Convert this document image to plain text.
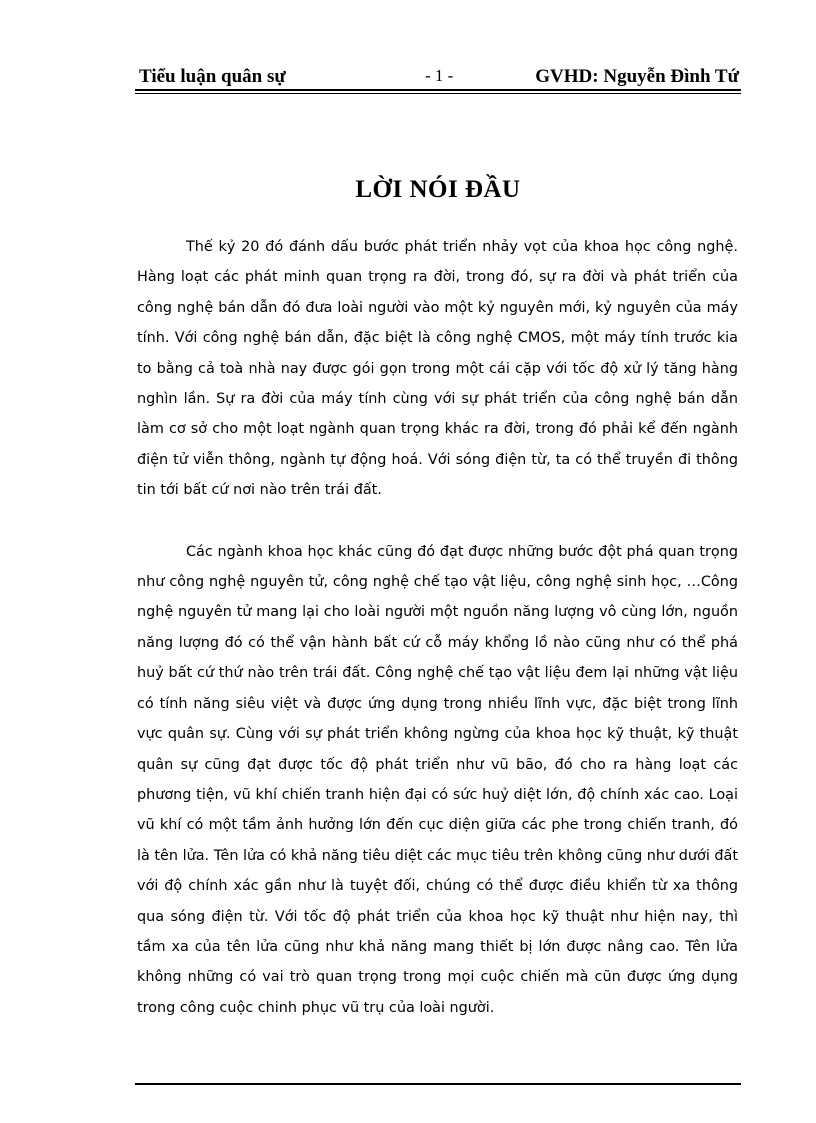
Tiểu luận quân sự	- 1 -	GVHD: Nguyễn Đình Tứ
LỜI NÓI ĐẦU

Thế kỷ 20 đó đánh dấu bước phát triển nhảy vọt của khoa học công nghệ. Hàng loạt các phát minh quan trọng ra đời, trong đó, sự ra đời và phát triển của công nghệ bán dẫn đó đưa loài người vào một kỷ nguyên mới, kỷ nguyên của máy tính. Với công nghệ bán dẫn, đặc biệt là công nghệ CMOS, một máy tính trước kia to bằng cả toà nhà nay được gói gọn trong một cái cặp với tốc độ xử lý tăng hàng nghìn lần. Sự ra đời của máy tính cùng với sự phát triển của công nghệ bán dẫn làm cơ sở cho một loạt ngành quan trọng khác ra đời, trong đó phải kể đến ngành điện tử viễn thông, ngành tự động hoá. Với sóng điện từ, ta có thể truyền đi thông tin tới bất cứ nơi nào trên trái đất.

Các ngành khoa học khác cũng đó đạt được những bước đột phá quan trọng như công nghệ nguyên tử, công nghệ chế tạo vật liệu, công nghệ sinh học, …Công nghệ nguyên tử mang lại cho loài người một nguồn năng lượng vô cùng lớn, nguồn năng lượng đó có thể vận hành bất cứ cỗ máy khổng lồ nào cũng như có thể phá huỷ bất cứ thứ nào trên trái đất. Công nghệ chế tạo vật liệu đem lại những vật liệu có tính năng siêu việt và được ứng dụng trong nhiều lĩnh vực, đặc biệt trong lĩnh vực quân sự. Cùng với sự phát triển không ngừng của khoa học kỹ thuật, kỹ thuật quân sự cũng đạt được tốc độ phát triển như vũ bão, đó cho ra hàng loạt các phương tiện, vũ khí chiến tranh hiện đại có sức huỷ diệt lớn, độ chính xác cao. Loại vũ khí có một tầm ảnh hưởng lớn đến cục diện giữa các phe trong chiến tranh, đó là tên lửa. Tên lửa có khả năng tiêu diệt các mục tiêu trên không cũng như dưới đất với độ chính xác gần như là tuyệt đối, chúng có thể được điều khiển từ xa thông qua sóng điện từ. Với tốc độ phát triển của khoa học kỹ thuật như hiện nay, thì tầm xa của tên lửa cũng như khả năng mang thiết bị lớn được nâng cao. Tên lửa không những có vai trò quan trọng trong mọi cuộc chiến mà cũn được ứng dụng trong công cuộc chinh phục vũ trụ của loài người.
